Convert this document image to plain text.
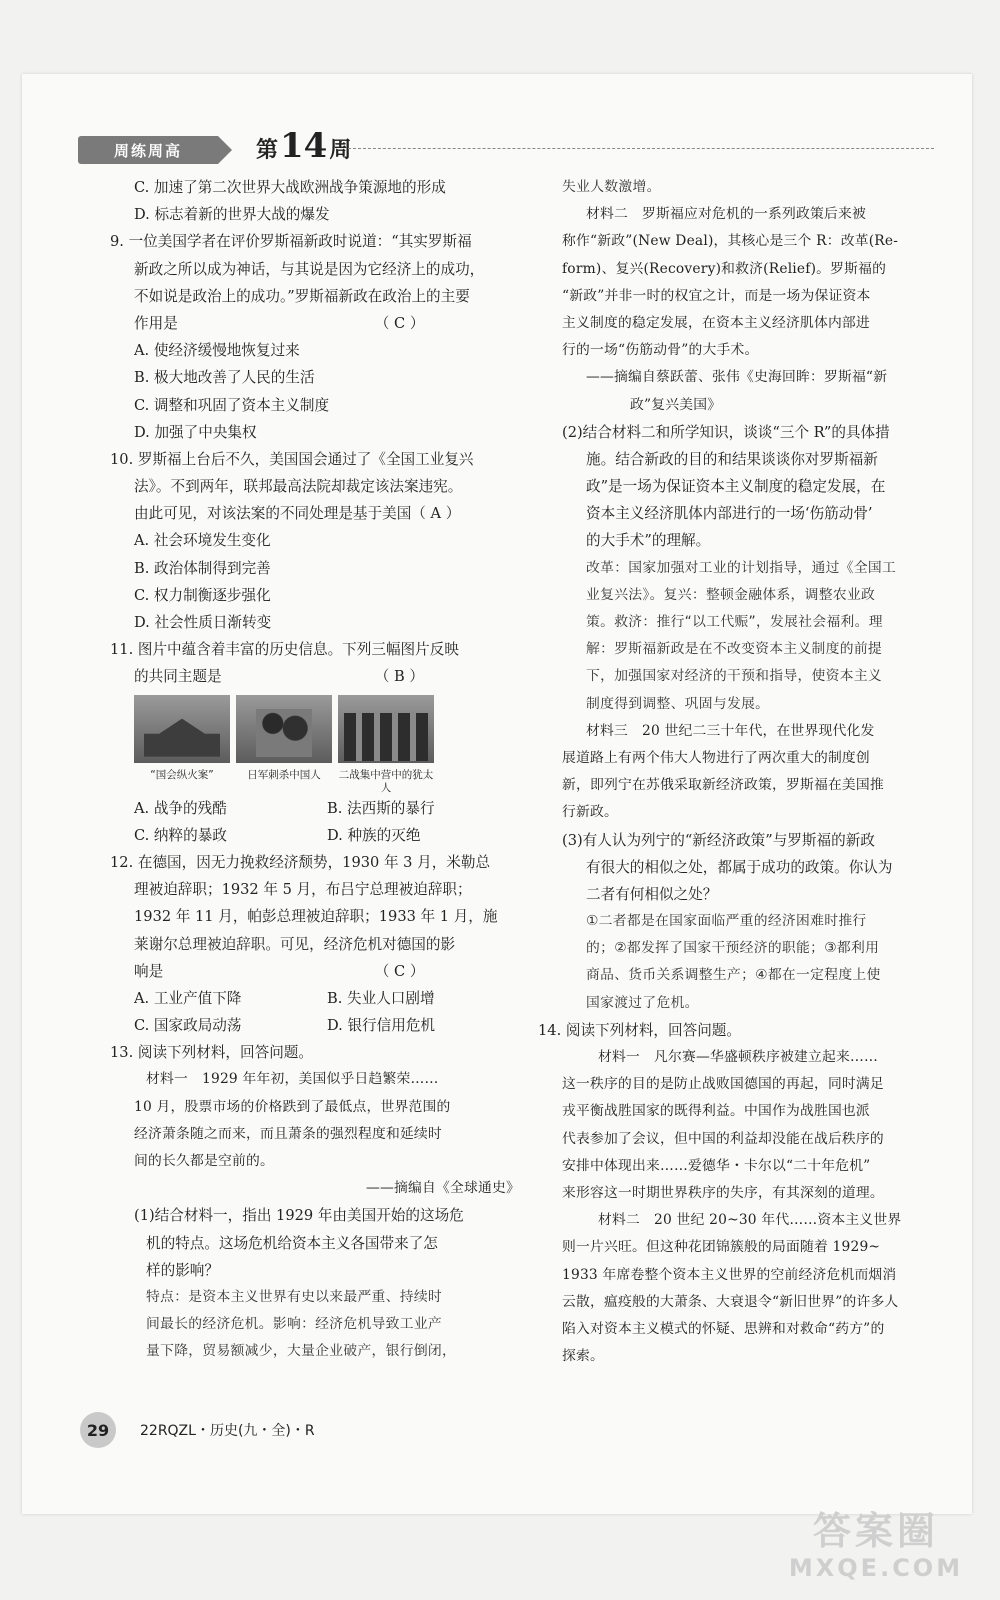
周练周高	第14周
C. 加速了第二次世界大战欧洲战争策源地的形成
D. 标志着新的世界大战的爆发
9. 一位美国学者在评价罗斯福新政时说道：“其实罗斯福
新政之所以成为神话，与其说是因为它经济上的成功，
不如说是政治上的成功。”罗斯福新政在政治上的主要
作用是　　　　　　　　　　　　　　（ C ）
A. 使经济缓慢地恢复过来
B. 极大地改善了人民的生活
C. 调整和巩固了资本主义制度
D. 加强了中央集权
10. 罗斯福上台后不久，美国国会通过了《全国工业复兴
法》。不到两年，联邦最高法院却裁定该法案违宪。
由此可见，对该法案的不同处理是基于美国（ A ）
A. 社会环境发生变化
B. 政治体制得到完善
C. 权力制衡逐步强化
D. 社会性质日渐转变
11. 图片中蕴含着丰富的历史信息。下列三幅图片反映
的共同主题是　　　　　　　　　　　（ B ）
“国会纵火案”	日军刺杀中国人	二战集中营中的犹太人
A. 战争的残酷	B. 法西斯的暴行
C. 纳粹的暴政	D. 种族的灭绝
12. 在德国，因无力挽救经济颓势，1930 年 3 月，米勒总
理被迫辞职；1932 年 5 月，布吕宁总理被迫辞职；
1932 年 11 月，帕彭总理被迫辞职；1933 年 1 月，施
莱谢尔总理被迫辞职。可见，经济危机对德国的影
响是　　　　　　　　　　　　　　　（ C ）
A. 工业产值下降	B. 失业人口剧增
C. 国家政局动荡	D. 银行信用危机
13. 阅读下列材料，回答问题。
材料一　1929 年年初，美国似乎日趋繁荣……
10 月，股票市场的价格跌到了最低点，世界范围的
经济萧条随之而来，而且萧条的强烈程度和延续时
间的长久都是空前的。
——摘编自《全球通史》
(1)结合材料一，指出 1929 年由美国开始的这场危
机的特点。这场危机给资本主义各国带来了怎
样的影响？
特点：是资本主义世界有史以来最严重、持续时
间最长的经济危机。影响：经济危机导致工业产
量下降，贸易额减少，大量企业破产，银行倒闭，
失业人数激增。
材料二　罗斯福应对危机的一系列政策后来被
称作“新政”(New Deal)，其核心是三个 R：改革(Re-
form)、复兴(Recovery)和救济(Relief)。罗斯福的
“新政”并非一时的权宜之计，而是一场为保证资本
主义制度的稳定发展，在资本主义经济肌体内部进
行的一场“伤筋动骨”的大手术。
——摘编自蔡跃蕾、张伟《史海回眸：罗斯福“新
政”复兴美国》
(2)结合材料二和所学知识，谈谈“三个 R”的具体措
施。结合新政的目的和结果谈谈你对罗斯福新
政”是一场为保证资本主义制度的稳定发展，在
资本主义经济肌体内部进行的一场‘伤筋动骨’
的大手术”的理解。
改革：国家加强对工业的计划指导，通过《全国工
业复兴法》。复兴：整顿金融体系，调整农业政
策。救济：推行“以工代赈”，发展社会福利。理
解：罗斯福新政是在不改变资本主义制度的前提
下，加强国家对经济的干预和指导，使资本主义
制度得到调整、巩固与发展。
材料三　20 世纪二三十年代，在世界现代化发
展道路上有两个伟大人物进行了两次重大的制度创
新，即列宁在苏俄采取新经济政策，罗斯福在美国推
行新政。
(3)有人认为列宁的“新经济政策”与罗斯福的新政
有很大的相似之处，都属于成功的政策。你认为
二者有何相似之处？
①二者都是在国家面临严重的经济困难时推行
的；②都发挥了国家干预经济的职能；③都利用
商品、货币关系调整生产；④都在一定程度上使
国家渡过了危机。
14. 阅读下列材料，回答问题。
材料一　凡尔赛—华盛顿秩序被建立起来……
这一秩序的目的是防止战败国德国的再起，同时满足
戎平衡战胜国家的既得利益。中国作为战胜国也派
代表参加了会议，但中国的利益却没能在战后秩序的
安排中体现出来……爱德华・卡尔以“二十年危机”
来形容这一时期世界秩序的失序，有其深刻的道理。
材料二　20 世纪 20~30 年代……资本主义世界
则一片兴旺。但这种花团锦簇般的局面随着 1929~
1933 年席卷整个资本主义世界的空前经济危机而烟消
云散，瘟疫般的大萧条、大衰退令“新旧世界”的许多人
陷入对资本主义模式的怀疑、思辨和对救命“药方”的
探索。
29	22RQZL・历史(九・全)・R
答案圈
MXQE.COM
